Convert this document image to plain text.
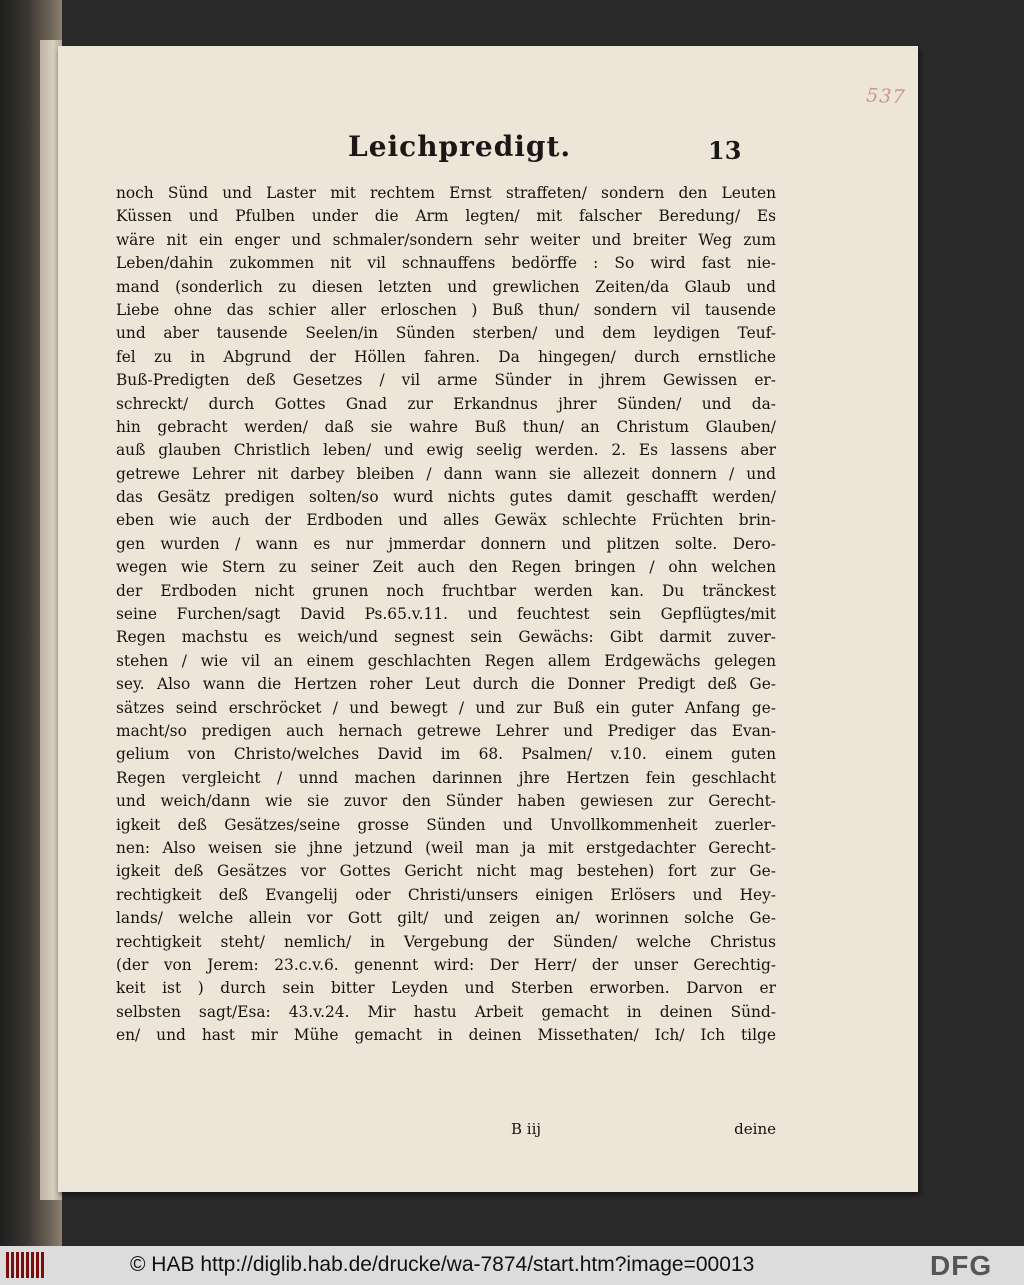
537
Leichpredigt.	13
noch Sünd und Laster mit rechtem Ernst straffeten/ sondern den Leuten
Küssen und Pfulben under die Arm legten/ mit falscher Beredung/ Es
wäre nit ein enger und schmaler/sondern sehr weiter und breiter Weg zum
Leben/dahin zukommen nit vil schnauffens bedörffe : So wird fast nie-
mand (sonderlich zu diesen letzten und grewlichen Zeiten/da Glaub und
Liebe ohne das schier aller erloschen ) Buß thun/ sondern vil tausende
und aber tausende Seelen/in Sünden sterben/ und dem leydigen Teuf-
fel zu in Abgrund der Höllen fahren. Da hingegen/ durch ernstliche
Buß-Predigten deß Gesetzes / vil arme Sünder in jhrem Gewissen er-
schreckt/ durch Gottes Gnad zur Erkandnus jhrer Sünden/ und da-
hin gebracht werden/ daß sie wahre Buß thun/ an Christum Glauben/
auß glauben Christlich leben/ und ewig seelig werden. 2. Es lassens aber
getrewe Lehrer nit darbey bleiben / dann wann sie allezeit donnern / und
das Gesätz predigen solten/so wurd nichts gutes damit geschafft werden/
eben wie auch der Erdboden und alles Gewäx schlechte Früchten brin-
gen wurden / wann es nur jmmerdar donnern und plitzen solte. Dero-
wegen wie Stern zu seiner Zeit auch den Regen bringen / ohn welchen
der Erdboden nicht grunen noch fruchtbar werden kan. Du tränckest
seine Furchen/sagt David Ps.65.v.11. und feuchtest sein Gepflügtes/mit
Regen machstu es weich/und segnest sein Gewächs: Gibt darmit zuver-
stehen / wie vil an einem geschlachten Regen allem Erdgewächs gelegen
sey. Also wann die Hertzen roher Leut durch die Donner Predigt deß Ge-
sätzes seind erschröcket / und bewegt / und zur Buß ein guter Anfang ge-
macht/so predigen auch hernach getrewe Lehrer und Prediger das Evan-
gelium von Christo/welches David im 68. Psalmen/ v.10. einem guten
Regen vergleicht / unnd machen darinnen jhre Hertzen fein geschlacht
und weich/dann wie sie zuvor den Sünder haben gewiesen zur Gerecht-
igkeit deß Gesätzes/seine grosse Sünden und Unvollkommenheit zuerler-
nen: Also weisen sie jhne jetzund (weil man ja mit erstgedachter Gerecht-
igkeit deß Gesätzes vor Gottes Gericht nicht mag bestehen) fort zur Ge-
rechtigkeit deß Evangelij oder Christi/unsers einigen Erlösers und Hey-
lands/ welche allein vor Gott gilt/ und zeigen an/ worinnen solche Ge-
rechtigkeit steht/ nemlich/ in Vergebung der Sünden/ welche Christus
(der von Jerem: 23.c.v.6. genennt wird: Der Herr/ der unser Gerechtig-
keit ist ) durch sein bitter Leyden und Sterben erworben. Darvon er
selbsten sagt/Esa: 43.v.24. Mir hastu Arbeit gemacht in deinen Sünd-
en/ und hast mir Mühe gemacht in deinen Missethaten/ Ich/ Ich tilge
B iij	deine
© HAB http://diglib.hab.de/drucke/wa-7874/start.htm?image=00013	DFG
